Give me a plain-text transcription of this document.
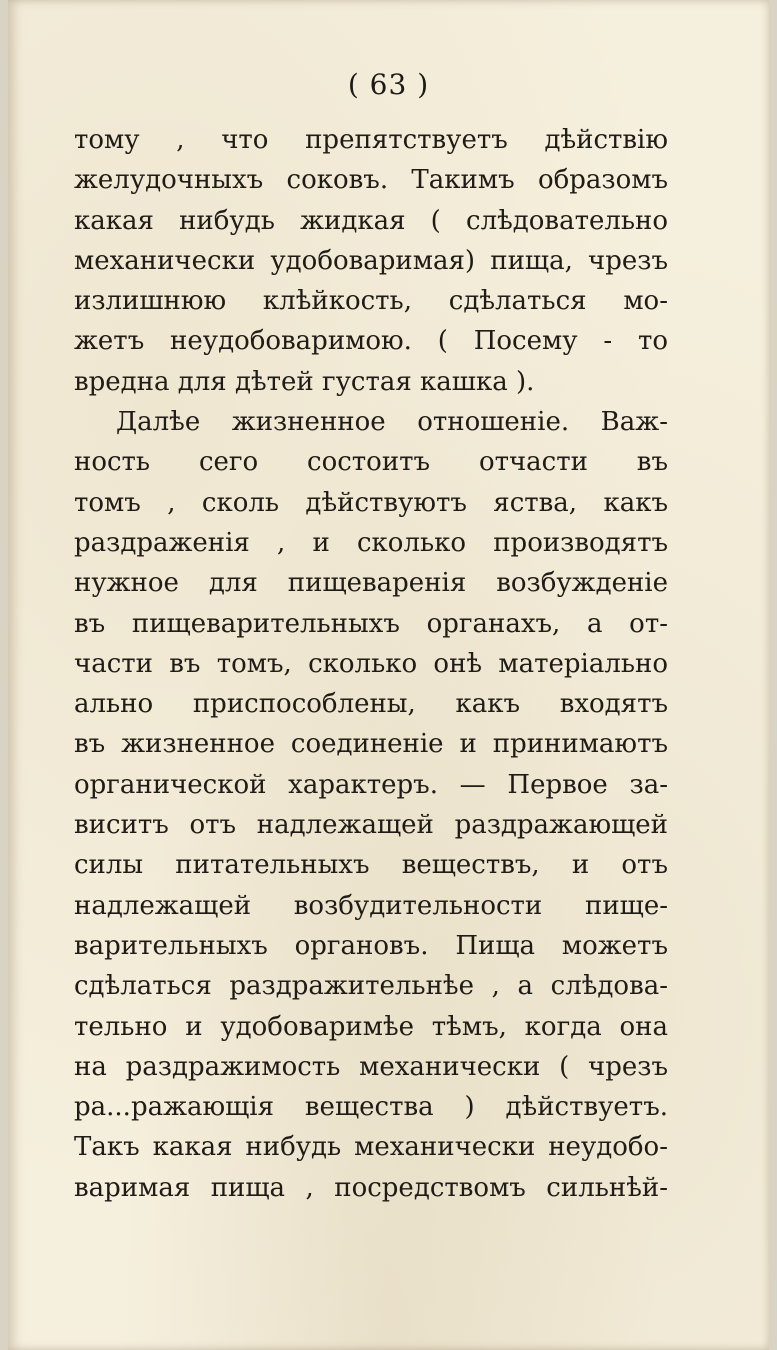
( 63 )
тому , что препятствуетъ дѣйствію
желудочныхъ соковъ. Такимъ образомъ
какая нибудь жидкая ( слѣдовательно
механически удобоваримая) пища, чрезъ
излишнюю клѣйкость, сдѣлаться мо-
жетъ неудобоваримою. ( Посему - то
вредна для дѣтей густая кашка ).
Далѣе жизненное отношеніе. Важ-
ность сего состоитъ отчасти въ
томъ , сколь дѣйствуютъ яства, какъ
раздраженія , и сколько производятъ
нужное для пищеваренія возбужденіе
въ пищеварительныхъ органахъ, а от-
части въ томъ, сколько онѣ матеріально
ально приспособлены, какъ входятъ
въ жизненное соединеніе и принимаютъ
органической характеръ. — Первое за-
виситъ отъ надлежащей раздражающей
силы питательныхъ веществъ, и отъ
надлежащей возбудительности пище-
варительныхъ органовъ. Пища можетъ
сдѣлаться раздражительнѣе , а слѣдова-
тельно и удобоваримѣе тѣмъ, когда она
на раздражимость механически ( чрезъ
ра...ражающія вещества ) дѣйствуетъ.
Такъ какая нибудь механически неудобо-
варимая пища , посредствомъ сильнѣй-
